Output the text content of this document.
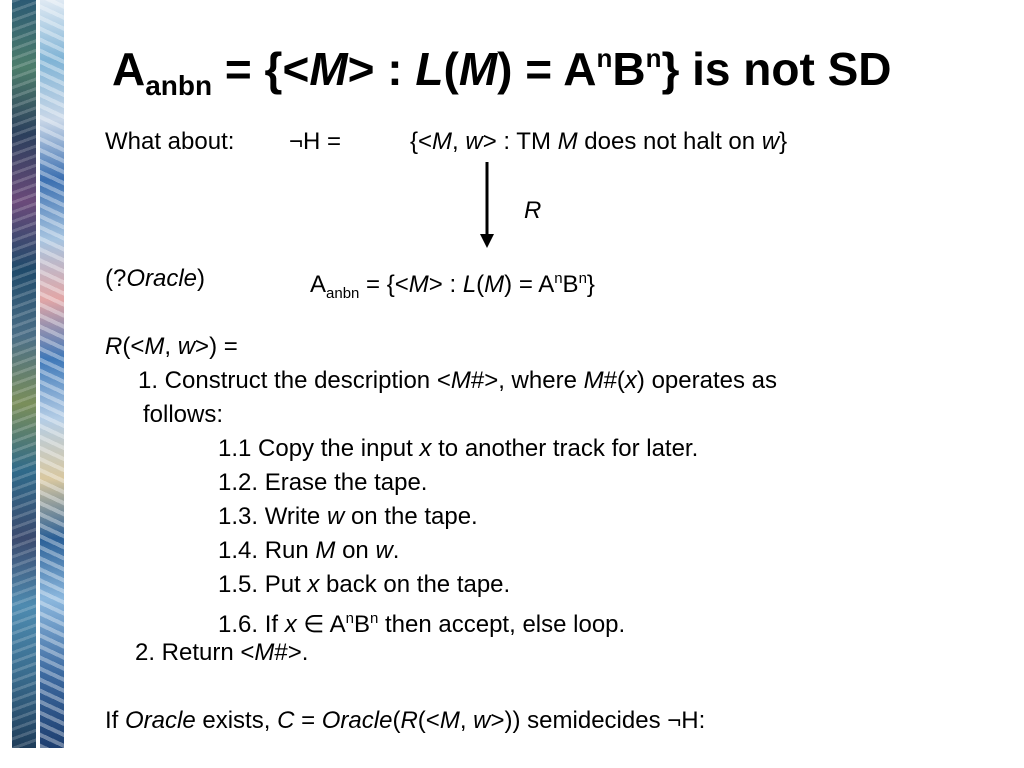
$A_{anbn} = \{<M>$ : $L(M) = A^nB^n$} is not SD
What about: ¬H =	{<M, w> : TM M does not halt on w}
R
(?Oracle)	$A_{anbn} = \{<M>$ : $L(M) = A^nB^n$}
R(<M, w>) =
1. Construct the description <M#>, where M#(x) operates as
follows:
1.1 Copy the input x to another track for later.
1.2. Erase the tape.
1.3. Write w on the tape.
1.4. Run M on w.
1.5. Put x back on the tape.
1.6. If x ∈ $A^nB^n$ then accept, else loop.
2. Return <M#>.
If Oracle exists, C = Oracle(R(<M, w>)) semidecides ¬H:
